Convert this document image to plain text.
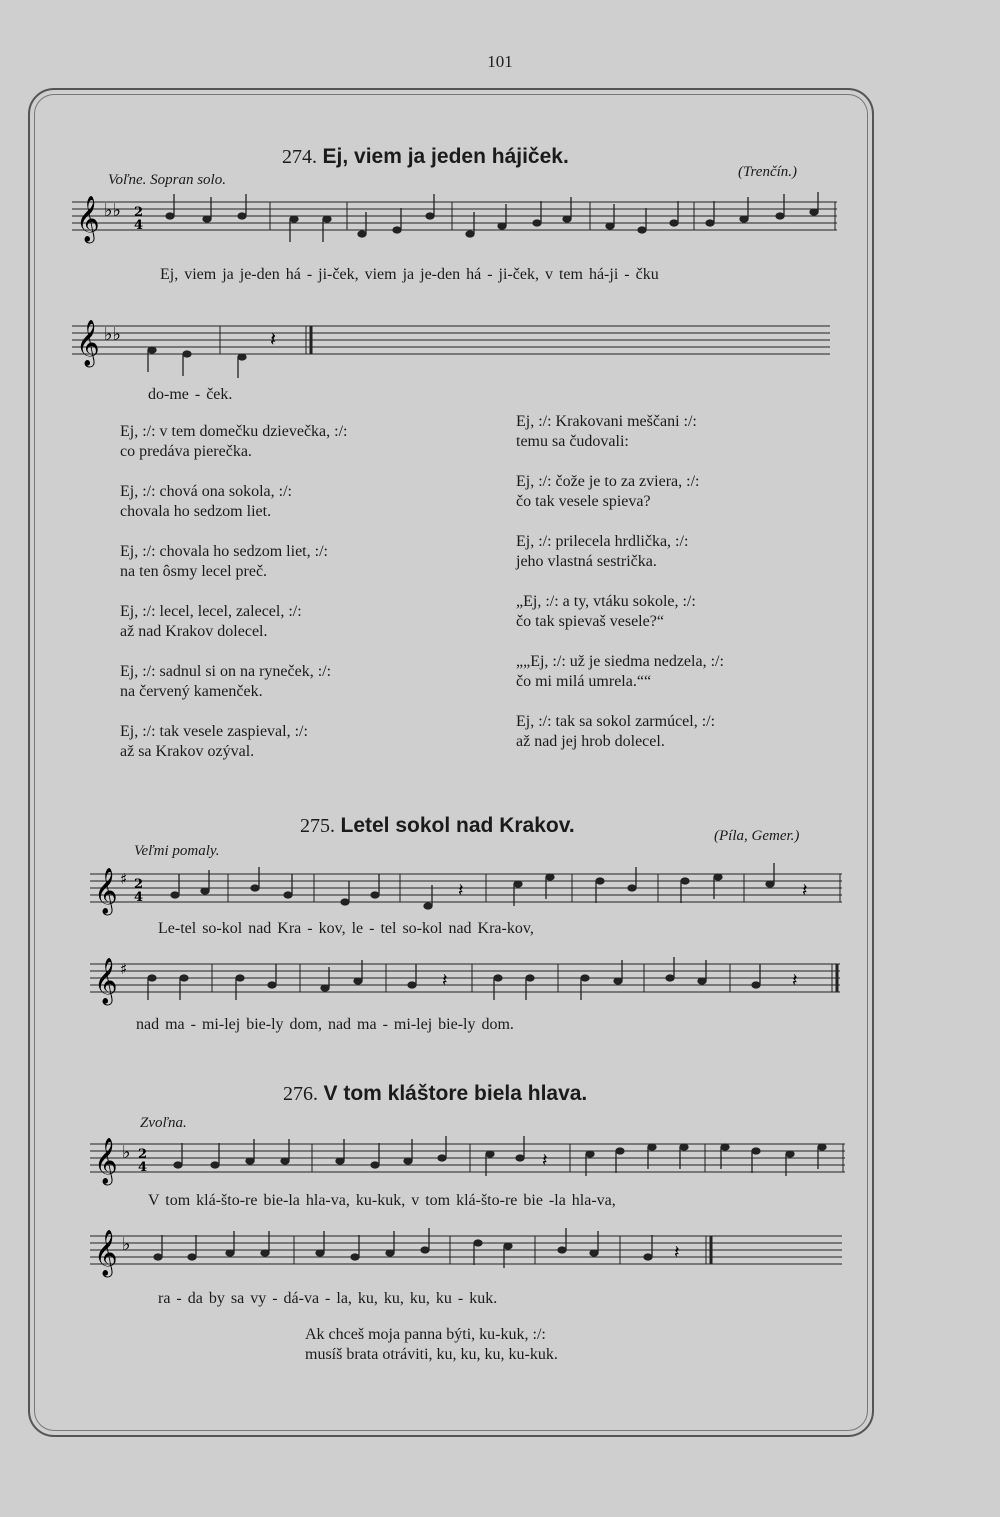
101
274. Ej, viem ja jeden hájiček.
Voľne. Sopran solo.	(Trenčín.)
𝄞 ♭♭ 2
4
Ej, viem ja je-den há - ji-ček, viem ja je-den há - ji-ček, v tem há-ji - čku
𝄞 ♭♭	𝄽
do-me - ček.
Ej, :/: v tem domečku dzievečka, :/:
co predáva pierečka.
Ej, :/: chová ona sokola, :/:
chovala ho sedzom liet.
Ej, :/: chovala ho sedzom liet, :/:
na ten ôsmy lecel preč.
Ej, :/: lecel, lecel, zalecel, :/:
až nad Krakov dolecel.
Ej, :/: sadnul si on na ryneček, :/:
na červený kamenček.
Ej, :/: tak vesele zaspieval, :/:
až sa Krakov ozýval.
Ej, :/: Krakovani meščani :/:
temu sa čudovali:
Ej, :/: čože je to za zviera, :/:
čo tak vesele spieva?
Ej, :/: prilecela hrdlička, :/:
jeho vlastná sestrička.
„Ej, :/: a ty, vtáku sokole, :/:
čo tak spievaš vesele?“
„„Ej, :/: už je siedma nedzela, :/:
čo mi milá umrela.““
Ej, :/: tak sa sokol zarmúcel, :/:
až nad jej hrob dolecel.
275. Letel sokol nad Krakov.
Veľmi pomaly.
(Píla, Gemer.)
𝄞 ♯ 2
4	𝄽	𝄽
Le-tel so-kol nad Kra - kov, le - tel so-kol nad Kra-kov,
𝄞 ♯
𝄽	𝄽
nad ma - mi-lej bie-ly dom, nad ma - mi-lej bie-ly dom.
276. V tom kláštore biela hlava.
Zvoľna.
𝄞 ♭ 2
4	𝄽
V tom klá-što-re bie-la hla-va, ku-kuk, v tom klá-što-re bie -la hla-va,
𝄞 ♭	𝄽
ra - da by sa vy - dá-va - la, ku, ku, ku, ku - kuk.
Ak chceš moja panna býti, ku-kuk, :/:
musíš brata otráviti, ku, ku, ku, ku-kuk.
